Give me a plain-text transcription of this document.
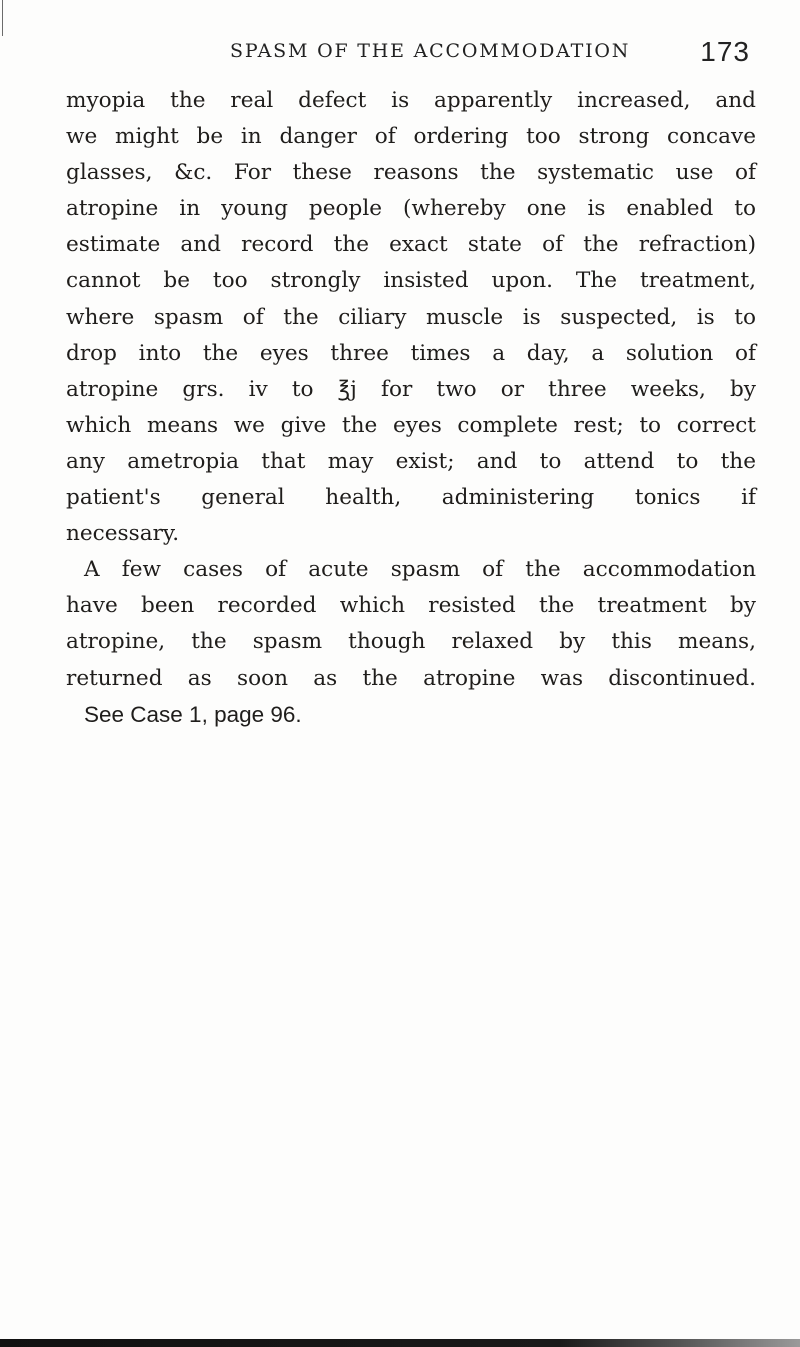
SPASM OF THE ACCOMMODATION	173
myopia the real defect is apparently increased, and
we might be in danger of ordering too strong concave
glasses, &c. For these reasons the systematic use of
atropine in young people (whereby one is enabled to
estimate and record the exact state of the refraction)
cannot be too strongly insisted upon. The treatment,
where spasm of the ciliary muscle is suspected, is to
drop into the eyes three times a day, a solution of
atropine grs. iv to ℥j for two or three weeks, by
which means we give the eyes complete rest; to correct
any ametropia that may exist; and to attend to the
patient's general health, administering tonics if
necessary.
A few cases of acute spasm of the accommodation
have been recorded which resisted the treatment by
atropine, the spasm though relaxed by this means,
returned as soon as the atropine was discontinued.
See Case 1, page 96.
